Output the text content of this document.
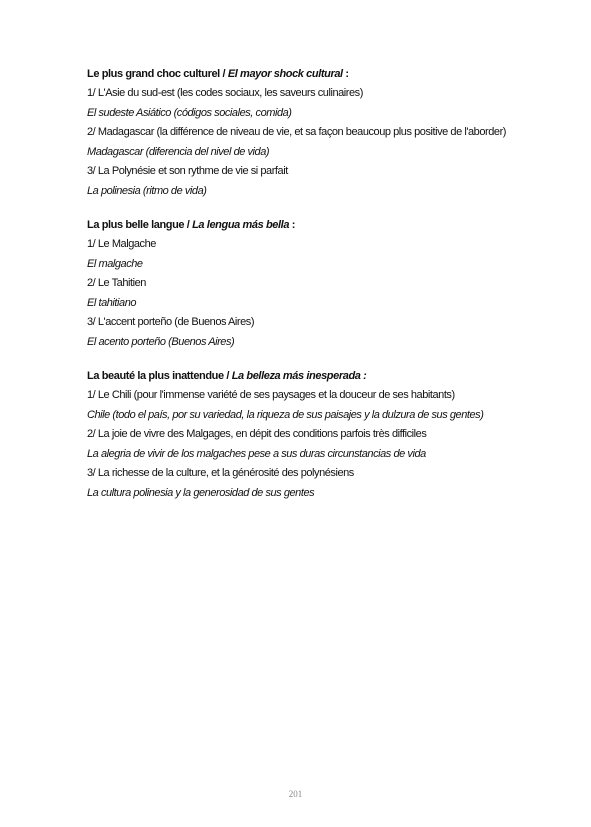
Le plus grand choc culturel / El mayor shock cultural :
1/ L'Asie du sud-est (les codes sociaux, les saveurs culinaires)
El sudeste Asiático (códigos sociales, comida)
2/ Madagascar (la différence de niveau de vie, et sa façon beaucoup plus positive de l'aborder)
Madagascar (diferencia del nivel de vida)
3/ La Polynésie et son rythme de vie si parfait
La polinesia (ritmo de vida)
La plus belle langue / La lengua más bella :
1/ Le Malgache
El malgache
2/ Le Tahitien
El tahitiano
3/ L'accent porteño (de Buenos Aires)
El acento porteño (Buenos Aires)
La beauté la plus inattendue / La belleza más inesperada :
1/ Le Chili (pour l'immense variété de ses paysages et la douceur de ses habitants)
Chile (todo el país, por su variedad, la riqueza de sus paisajes y la dulzura de sus gentes)
2/ La joie de vivre des Malgages, en dépit des conditions parfois très difficiles
La alegria de vivir de los malgaches pese a sus duras circunstancias de vida
3/ La richesse de la culture, et la générosité des polynésiens
La cultura polinesia y la generosidad de sus gentes
201
